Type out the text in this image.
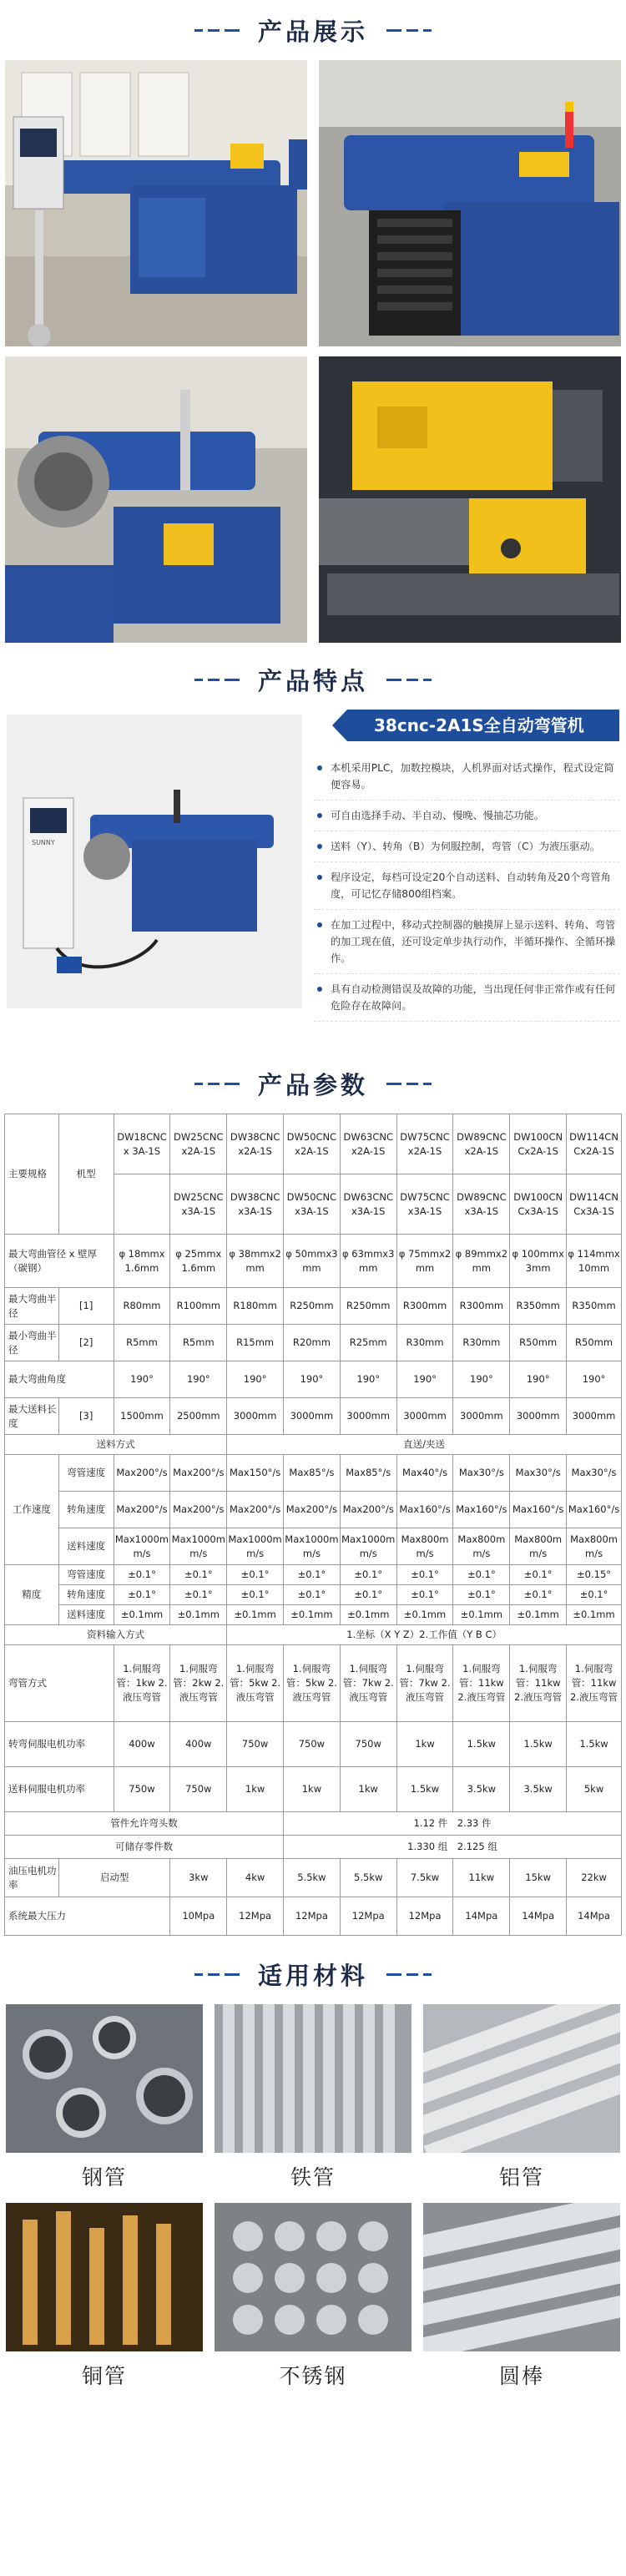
产品展示
产品特点
SUNNY
38cnc-2A1S全自动弯管机
本机采用PLC，加数控模块，人机界面对话式操作，程式设定简便容易。
可自由选择手动、半自动、慢晚、慢抽芯功能。
送料（Y）、转角（B）为伺服控制，弯管（C）为液压驱动。
程序设定，每档可设定20个自动送料、自动转角及20个弯管角度，可记忆存储800组档案。
在加工过程中，移动式控制器的触摸屏上显示送料、转角、弯管的加工现在值，还可设定单步执行动作，半循环操作、全循环操作。
具有自动检测错误及故障的功能，当出现任何非正常作或有任何危险存在故障问。
产品参数
主要规格	机型	DW18CNCx 3A-1S	DW25CNCx2A-1S	DW38CNCx2A-1S	DW50CNCx2A-1S	DW63CNCx2A-1S	DW75CNCx2A-1S	DW89CNCx2A-1S	DW100CNCx2A-1S	DW114CNCx2A-1S
			DW25CNCx3A-1S	DW38CNCx3A-1S	DW50CNCx3A-1S	DW63CNCx3A-1S	DW75CNCx3A-1S	DW89CNCx3A-1S	DW100CNCx3A-1S	DW114CNCx3A-1S
最大弯曲管径 x 壁厚（碳钢）		φ 18mmx1.6mm	φ 25mmx1.6mm	φ 38mmx2mm	φ 50mmx3mm	φ 63mmx3mm	φ 75mmx2mm	φ 89mmx2mm	φ 100mmx3mm	φ 114mmx10mm
最大弯曲半径	[1]	R80mm	R100mm	R180mm	R250mm	R250mm	R300mm	R300mm	R350mm	R350mm
最小弯曲半径	[2]	R5mm	R5mm	R15mm	R20mm	R25mm	R30mm	R30mm	R50mm	R50mm
最大弯曲角度		190°	190°	190°	190°	190°	190°	190°	190°	190°
最大送料长度	[3]	1500mm	2500mm	3000mm	3000mm	3000mm	3000mm	3000mm	3000mm	3000mm
送料方式				直送/夹送						
工作速度	弯管速度	Max200°/s	Max200°/s	Max150°/s	Max85°/s	Max85°/s	Max40°/s	Max30°/s	Max30°/s	Max30°/s
	转角速度	Max200°/s	Max200°/s	Max200°/s	Max200°/s	Max200°/s	Max160°/s	Max160°/s	Max160°/s	Max160°/s
	送料速度	Max1000mm/s	Max1000mm/s	Max1000mm/s	Max1000mm/s	Max1000mm/s	Max800mm/s	Max800mm/s	Max800mm/s	Max800mm/s
精度	弯管速度	±0.1°	±0.1°	±0.1°	±0.1°	±0.1°	±0.1°	±0.1°	±0.1°	±0.15°
	转角速度	±0.1°	±0.1°	±0.1°	±0.1°	±0.1°	±0.1°	±0.1°	±0.1°	±0.1°
	送料速度	±0.1mm	±0.1mm	±0.1mm	±0.1mm	±0.1mm	±0.1mm	±0.1mm	±0.1mm	±0.1mm
资料输入方式				1.坐标（X Y Z）2.工作值（Y B C）						
弯管方式		1.伺服弯管：1kw 2.液压弯管	1.伺服弯管：2kw 2.液压弯管	1.伺服弯管：5kw 2.液压弯管	1.伺服弯管：5kw 2.液压弯管	1.伺服弯管：7kw 2.液压弯管	1.伺服弯管：7kw 2.液压弯管	1.伺服弯管：11kw 2.液压弯管	1.伺服弯管：11kw 2.液压弯管	1.伺服弯管：11kw 2.液压弯管
转弯伺服电机功率		400w	400w	750w	750w	750w	1kw	1.5kw	1.5kw	1.5kw
送料伺服电机功率		750w	750w	1kw	1kw	1kw	1.5kw	3.5kw	3.5kw	5kw
管件允许弯头数					1.12 件　2.33 件					
可储存零件数					1.330 组　2.125 组					
油压电机功率	启动型		3kw	4kw	5.5kw	5.5kw	7.5kw	11kw	15kw	22kw
系统最大压力			10Mpa	12Mpa	12Mpa	12Mpa	12Mpa	14Mpa	14Mpa	14Mpa
适用材料
钢管	铁管	铝管
铜管	不锈钢	圆棒
